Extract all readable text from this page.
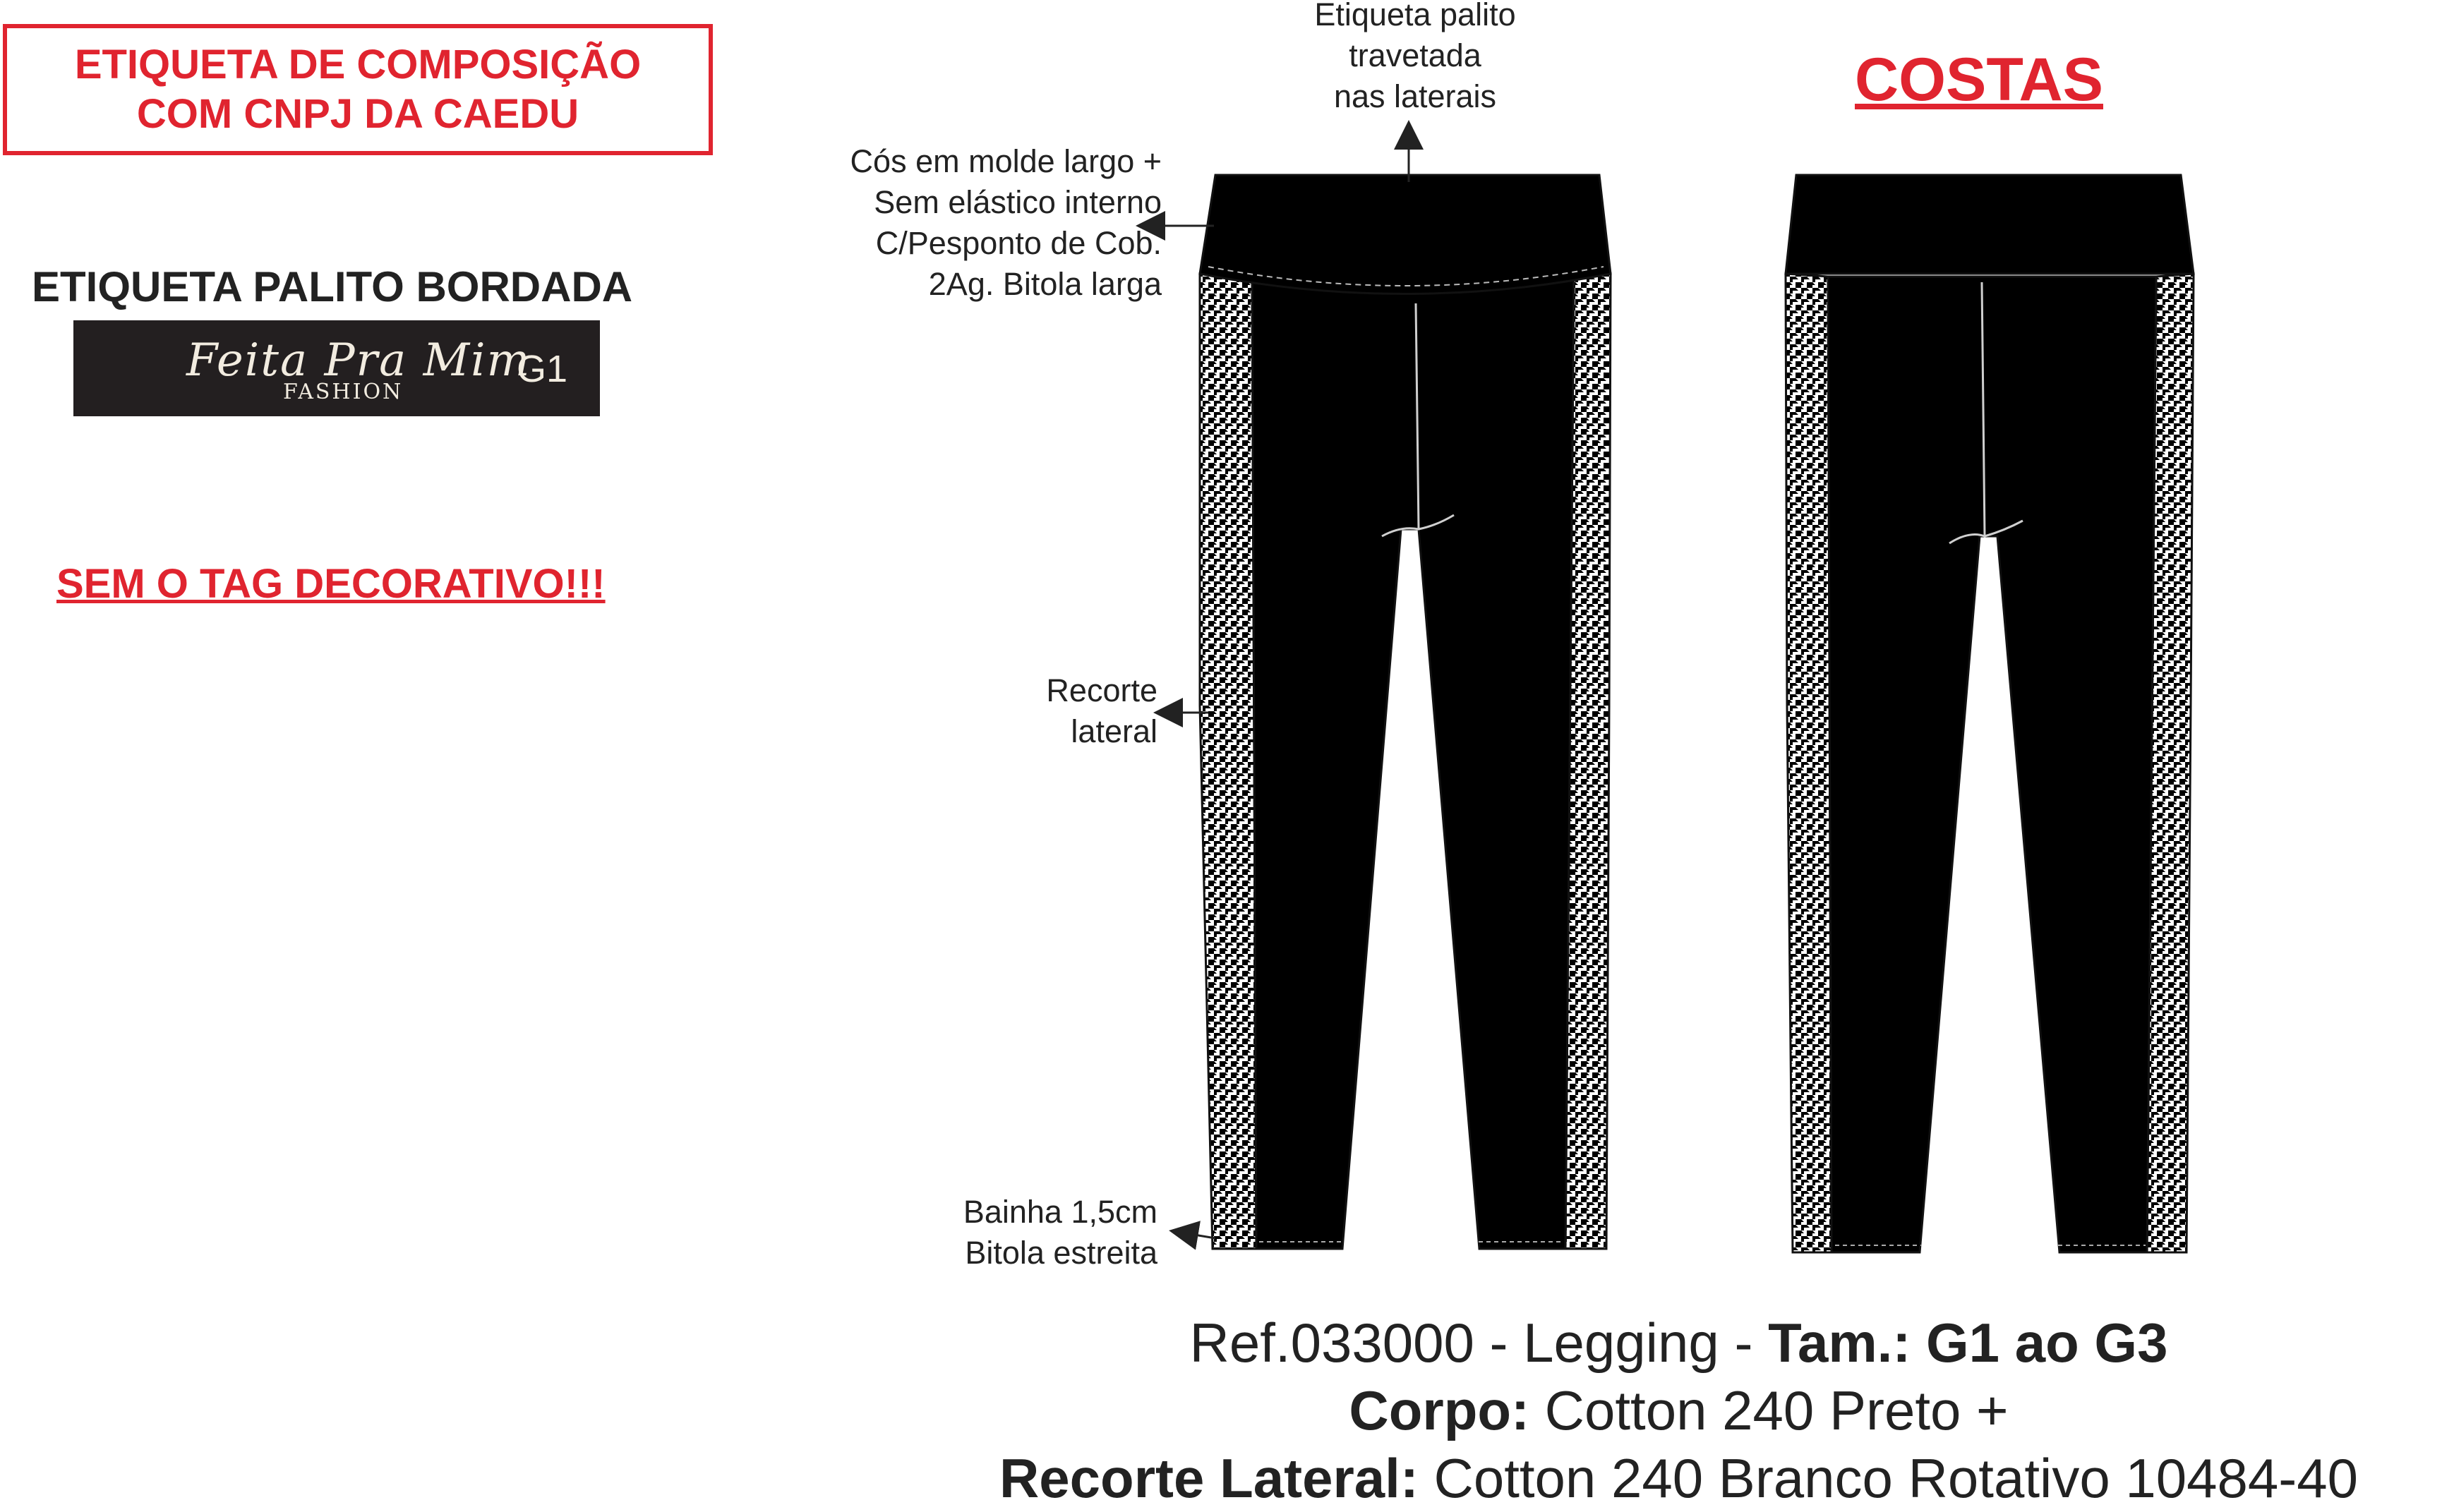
ETIQUETA DE COMPOSIÇÃO
COM CNPJ DA CAEDU
ETIQUETA PALITO BORDADA
Feita Pra Mim
FASHION
G1
SEM O TAG DECORATIVO!!!
COSTAS
Etiqueta palito
travetada
nas laterais
Cós em molde largo +
Sem elástico interno
C/Pesponto de Cob.
2Ag. Bitola larga
Recorte
lateral
Bainha 1,5cm
Bitola estreita
Ref.033000 - Legging - Tam.: G1 ao G3
Corpo: Cotton 240 Preto +
Recorte Lateral: Cotton 240 Branco Rotativo 10484-40
